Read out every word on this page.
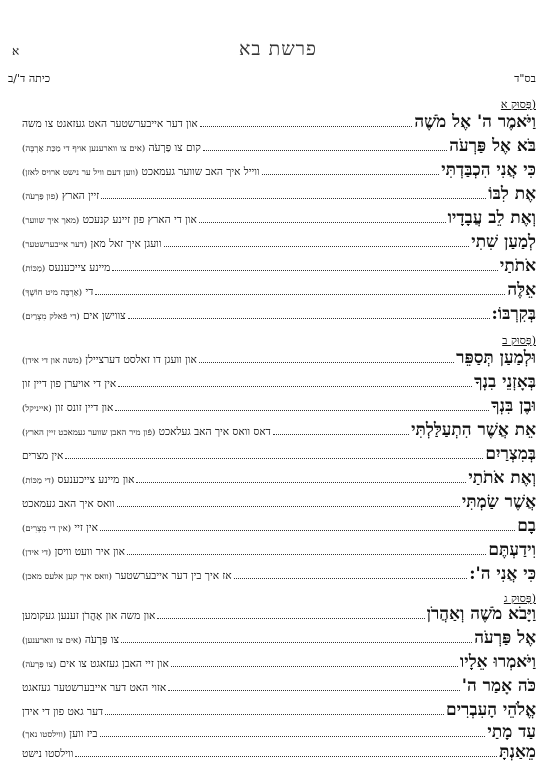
א	פרשת בא
בס"ד
כיתה ד'/ב
פָּסוּק א)
וַיֹּאמֶר ה' אֶל מֹשֶׁה
און דער אייבערשטער האט געזאגט צו משה
בֹּא אֶל פַּרְעֹה
קום צו פַּרְעֹה (אים צו ווארענען אויף די מַכַּת אַרְבֶּה)
כִּי אֲנִי הִכְבַּדְתִּי
ווייל איך האב שווער געמאכט (ווען דעם וויל ער נישט ארויס לאזן)
אֶת לִבּוֹ
זיין הארץ (פון פַּרְעֹה)
וְאֶת לֵב עֲבָדָיו
און די הארץ פון זיינע קנעכט (מאך איך שווער)
לְמַעַן שִׁתִי
וועגן איך זאל מאן (דער אייבערשטער)
אֹתֹתַי
מיינע צייכענעס (מַכּוֹת)
אֵלֶּה
די (אַרְבֶּה מיט חוֹשֶׁךְ)
בְּקִרְבּוֹ:
צווישן אים (די פֿאלק מִצְרַיִם)
פָּסוּק ב)
וּלְמַעַן תְּסַפֵּר
און וועגן דו זאלסט דערציילן (משה און די אידן)
בְּאָזְנֵי בִנְךָ
אין די אויערן פון דיין זון
וּבֶן בִּנְךָ
און דיין זונס זון (אייניקל)
אֵת אֲשֶׁר הִתְעַלַּלְתִּי
דאס וואס איך האב געלאכט (פֿון מיר האבן שווער געמאכט זיין הארץ)
בְּמִצְרַיִם
אין מצרים
וְאֶת אֹתֹתַי
און מיינע צייכענעס (די מַכּוֹת)
אֲשֶׁר שַׂמְתִּי
וואס איך האב געמאכט
בָם
אין זיי (אין די מִצְרִים)
וִידַעְתֶּם
און איר וועט וויסן (די אידן)
כִּי אֲנִי ה':
אז איך בין דער אייבערשטער (וואס איך קען אלעס מאכן)
פָּסוּק ג)
וַיָּבֹא מֹשֶׁה וְאַהֲרֹן
און משה און אַהֲרֹן זענען געקומען
אֶל פַּרְעֹה
צו פַּרְעֹה (אים צו ווארענען)
וַיֹּאמְרוּ אֵלָיו
און זיי האבן געזאגט צו אים (צו פַּרְעֹה)
כֹּה אָמַר ה'
אזוי האט דער אייבערשטער געזאגט
אֱלֹהֵי הָעִבְרִים
דער גאט פון די אידן
עַד מָתַי
ביז ווען (ווילסטו נאך)
מֵאַנְתָּ
ווילסטו נישט
